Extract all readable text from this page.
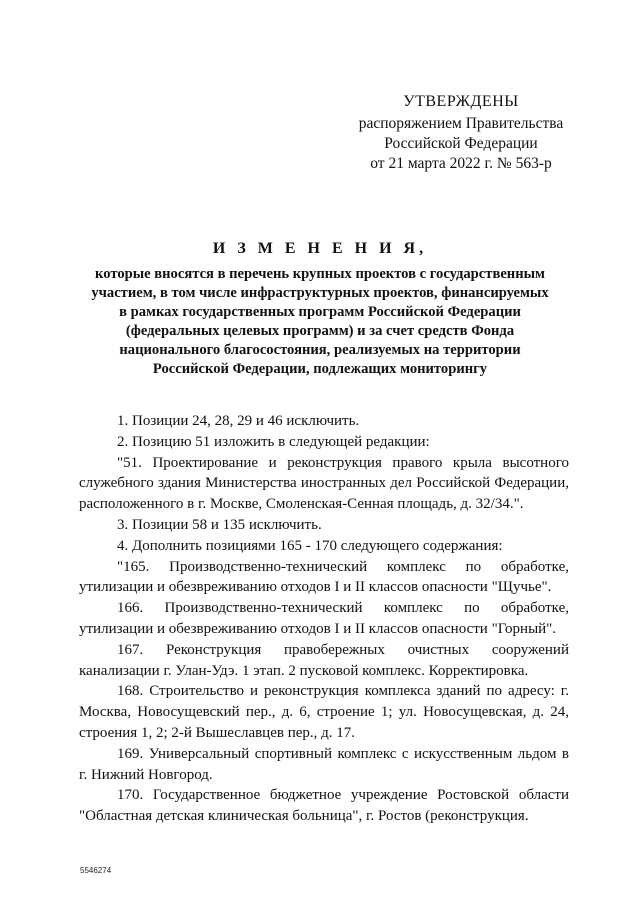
УТВЕРЖДЕНЫ
распоряжением Правительства
Российской Федерации
от 21 марта 2022 г. № 563-р
И З М Е Н Е Н И Я,
которые вносятся в перечень крупных проектов с государственным
участием, в том числе инфраструктурных проектов, финансируемых
в рамках государственных программ Российской Федерации
(федеральных целевых программ) и за счет средств Фонда
национального благосостояния, реализуемых на территории
Российской Федерации, подлежащих мониторингу

1. Позиции 24, 28, 29 и 46 исключить.

2. Позицию 51 изложить в следующей редакции:

"51. Проектирование и реконструкция правого крыла высотного служебного здания Министерства иностранных дел Российской Федерации, расположенного в г. Москве, Смоленская-Сенная площадь, д. 32/34.".

3. Позиции 58 и 135 исключить.

4. Дополнить позициями 165 - 170 следующего содержания:

"165. Производственно-технический комплекс по обработке, утилизации и обезвреживанию отходов I и II классов опасности "Щучье".

166. Производственно-технический комплекс по обработке, утилизации и обезвреживанию отходов I и II классов опасности "Горный".

167. Реконструкция правобережных очистных сооружений канализации г. Улан-Удэ. 1 этап. 2 пусковой комплекс. Корректировка.

168. Строительство и реконструкция комплекса зданий по адресу: г. Москва, Новосущевский пер., д. 6, строение 1; ул. Новосущевская, д. 24, строения 1, 2; 2-й Вышеславцев пер., д. 17.

169. Универсальный спортивный комплекс с искусственным льдом в г. Нижний Новгород.

170. Государственное бюджетное учреждение Ростовской области "Областная детская клиническая больница", г. Ростов (реконструкция.

5546274
